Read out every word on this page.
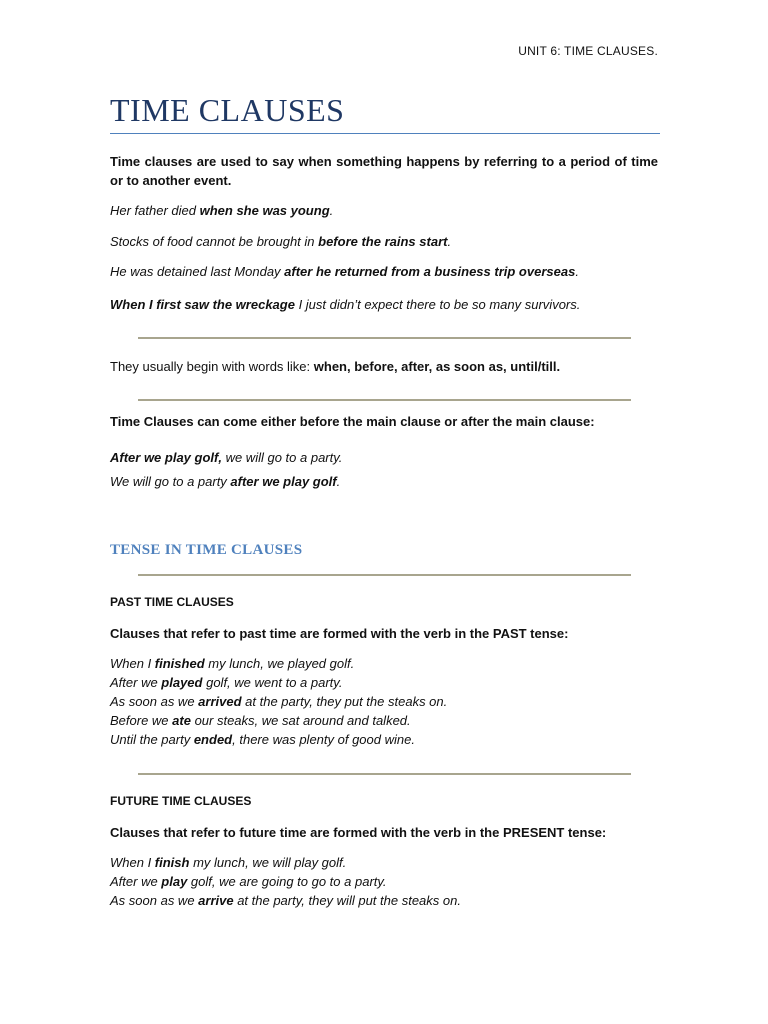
UNIT 6: TIME CLAUSES.
TIME CLAUSES

Time clauses are used to say when something happens by referring to a period of time or to another event.

Her father died when she was young.

Stocks of food cannot be brought in before the rains start.

He was detained last Monday after he returned from a business trip overseas.

When I first saw the wreckage I just didn’t expect there to be so many survivors.

They usually begin with words like: when, before, after, as soon as, until/till.

Time Clauses can come either before the main clause or after the main clause:

After we play golf, we will go to a party.

We will go to a party after we play golf.

TENSE IN TIME CLAUSES

PAST TIME CLAUSES

Clauses that refer to past time are formed with the verb in the PAST tense:

When I finished my lunch, we played golf.
After we played golf, we went to a party.
As soon as we arrived at the party, they put the steaks on.
Before we ate our steaks, we sat around and talked.
Until the party ended, there was plenty of good wine.

FUTURE TIME CLAUSES

Clauses that refer to future time are formed with the verb in the PRESENT tense:

When I finish my lunch, we will play golf.
After we play golf, we are going to go to a party.
As soon as we arrive at the party, they will put the steaks on.
